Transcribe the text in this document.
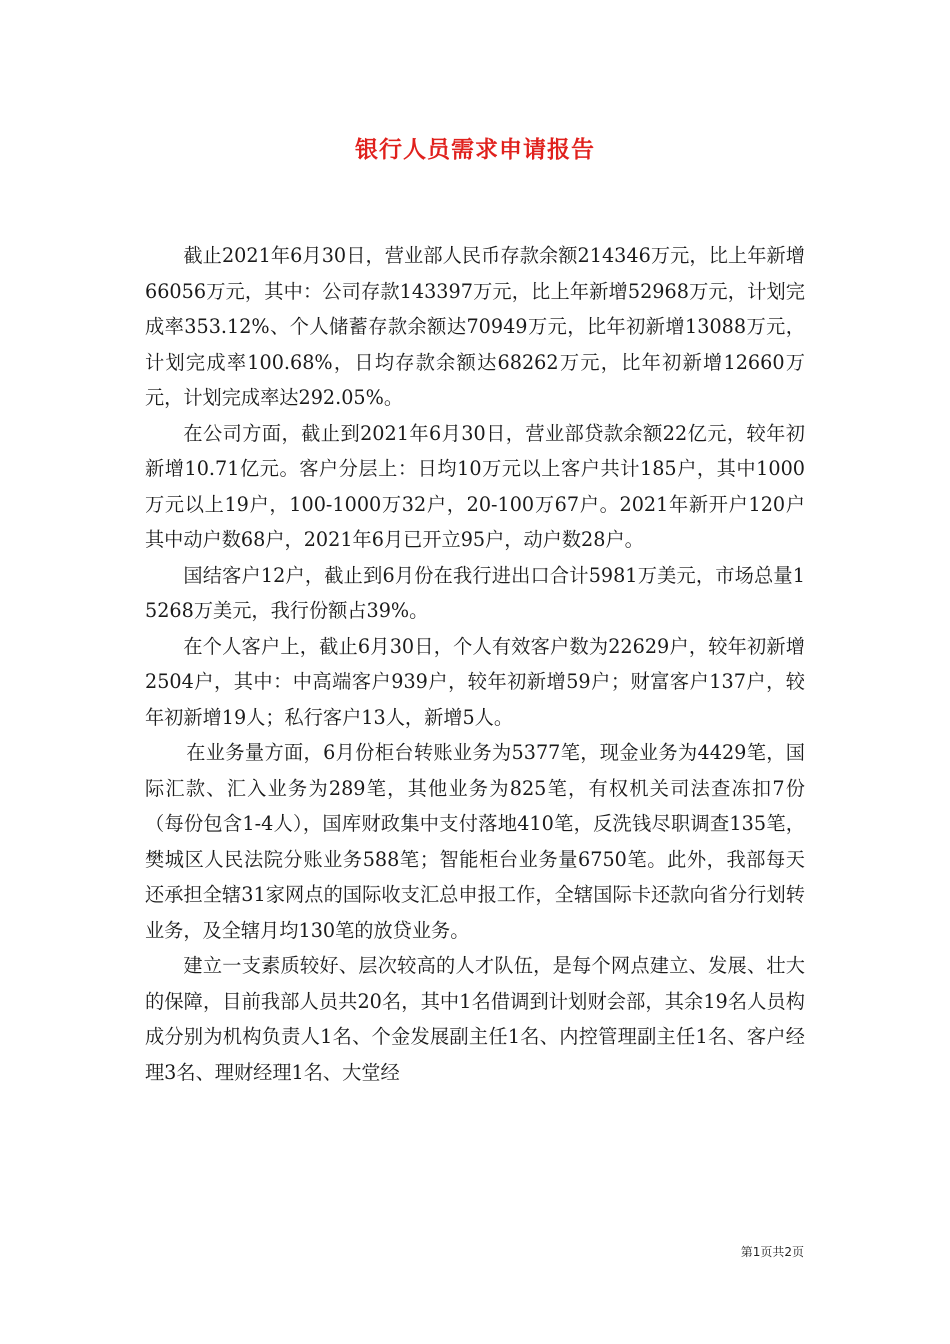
银行人员需求申请报告

截止2021年6月30日，营业部人民币存款余额214346万元，比上年新增66056万元，其中：公司存款143397万元，比上年新增52968万元，计划完成率353.12%、个人储蓄存款余额达70949万元，比年初新增13088万元，计划完成率100.68%，日均存款余额达68262万元，比年初新增12660万元，计划完成率达292.05%。

在公司方面，截止到2021年6月30日，营业部贷款余额22亿元，较年初新增10.71亿元。客户分层上：日均10万元以上客户共计185户，其中1000万元以上19户，100-1000万32户，20-100万67户。2021年新开户120户其中动户数68户，2021年6月已开立95户，动户数28户。

国结客户12户，截止到6月份在我行进出口合计5981万美元，市场总量15268万美元，我行份额占39%。

在个人客户上，截止6月30日，个人有效客户数为22629户，较年初新增2504户，其中：中高端客户939户，较年初新增59户；财富客户137户，较年初新增19人；私行客户13人，新增5人。

在业务量方面，6月份柜台转账业务为5377笔，现金业务为4429笔，国际汇款、汇入业务为289笔，其他业务为825笔，有权机关司法查冻扣7份（每份包含1-4人），国库财政集中支付落地410笔，反洗钱尽职调查135笔，樊城区人民法院分账业务588笔；智能柜台业务量6750笔。此外，我部每天还承担全辖31家网点的国际收支汇总申报工作，全辖国际卡还款向省分行划转业务，及全辖月均130笔的放贷业务。

建立一支素质较好、层次较高的人才队伍，是每个网点建立、发展、壮大的保障，目前我部人员共20名，其中1名借调到计划财会部，其余19名人员构成分别为机构负责人1名、个金发展副主任1名、内控管理副主任1名、客户经理3名、理财经理1名、大堂经

第1页共2页
